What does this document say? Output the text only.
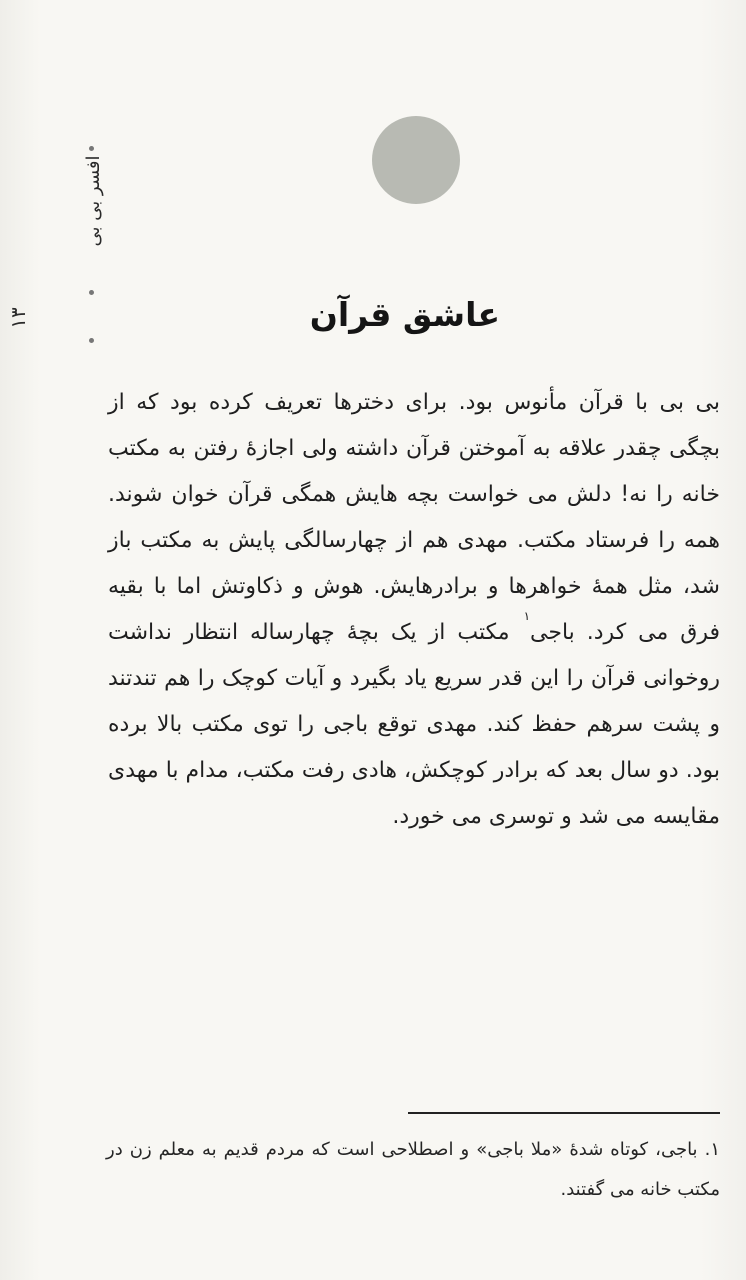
افسر بی بی
۱۳	عاشق قرآن

بی بی با قرآن مأنوس بود. برای دخترها تعریف کرده بود که از بچگی چقدر علاقه به آموختن قرآن داشته ولی اجازهٔ رفتن به مکتب خانه را نه! دلش می خواست بچه هایش همگی قرآن خوان شوند. همه را فرستاد مکتب. مهدی هم از چهارسالگی پایش به مکتب باز شد، مثل همهٔ خواهرها و برادرهایش. هوش و ذکاوتش اما با بقیه فرق می کرد. باجی$^۱$ مکتب از یک بچهٔ چهارساله انتظار نداشت روخوانی قرآن را این قدر سریع یاد بگیرد و آیات کوچک را هم تندتند و پشت سرهم حفظ کند. مهدی توقع باجی را توی مکتب بالا برده بود. دو سال بعد که برادر کوچکش، هادی رفت مکتب، مدام با مهدی مقایسه می شد و توسری می خورد.

۱. باجی، کوتاه شدهٔ «ملا باجی» و اصطلاحی است که مردم قدیم به معلم زن در مکتب خانه می گفتند.
